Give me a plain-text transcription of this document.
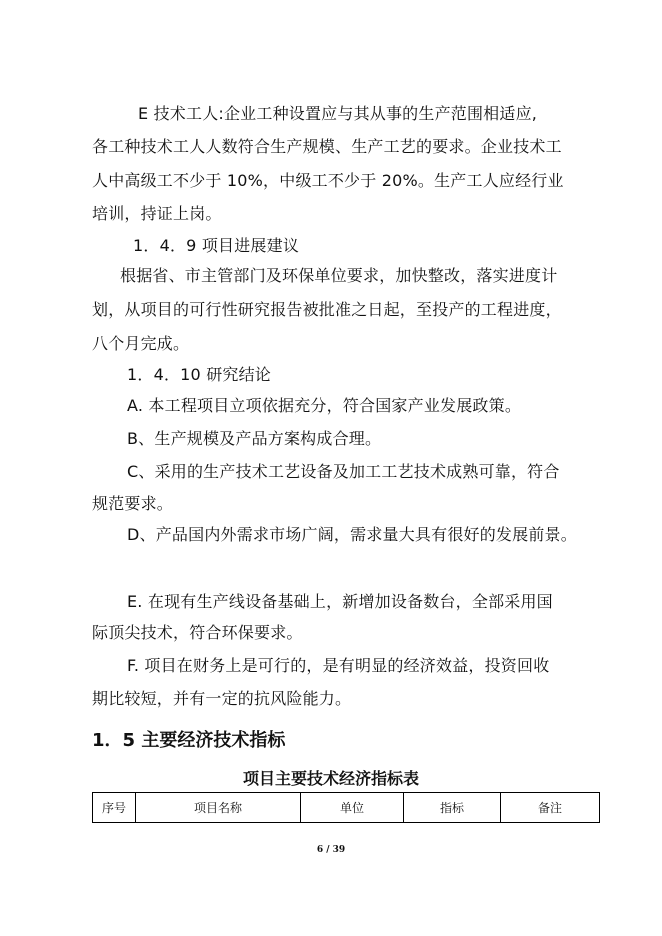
E 技术工人:企业工种设置应与其从事的生产范围相适应,
各工种技术工人人数符合生产规模、生产工艺的要求。企业技术工
人中高级工不少于 10%，中级工不少于 20%。生产工人应经行业
培训，持证上岗。
1．4．9 项目进展建议
根据省、市主管部门及环保单位要求，加快整改，落实进度计
划，从项目的可行性研究报告被批准之日起，至投产的工程进度，
八个月完成。
1．4．10 研究结论
A. 本工程项目立项依据充分，符合国家产业发展政策。
B、生产规模及产品方案构成合理。
C、采用的生产技术工艺设备及加工工艺技术成熟可靠，符合
规范要求。
D、产品国内外需求市场广阔，需求量大具有很好的发展前景。
E. 在现有生产线设备基础上，新增加设备数台，全部采用国
际顶尖技术，符合环保要求。
F. 项目在财务上是可行的，是有明显的经济效益，投资回收
期比较短，并有一定的抗风险能力。
1．5 主要经济技术指标
项目主要技术经济指标表
序号	项目名称	单位	指标	备注
6 / 39
